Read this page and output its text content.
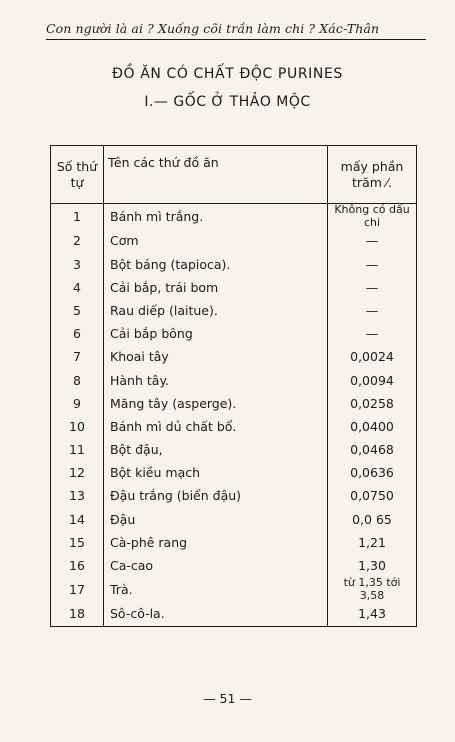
Con người là ai ? Xuống cõi trần làm chi ? Xác-Thân
ĐỒ ĂN CÓ CHẤT ĐỘC PURINES
I.— GỐC Ở THẢO MỘC
Số thứ tự	Tên các thứ đồ ăn	mấy phần trăm ⁄.
1	Bánh mì trắng.	Không có dấu chi
2	Cơm	—
3	Bột báng (tapioca).	—
4	Cải bắp, trái bom	—
5	Rau diếp (laitue).	—
6	Cải bắp bông	—
7	Khoai tây	0,0024
8	Hành tây.	0,0094
9	Măng tây (asperge).	0,0258
10	Bánh mì dủ chất bổ.	0,0400
11	Bột đậu,	0,0468
12	Bột kiều mạch	0,0636
13	Đậu trắng (biển đậu)	0,0750
14	Đậu	0,0 65
15	Cà-phê rang	1,21
16	Ca-cao	1,30
17	Trà.	từ 1,35 tới 3,58
18	Sô-cô-la.	1,43
— 51 —
